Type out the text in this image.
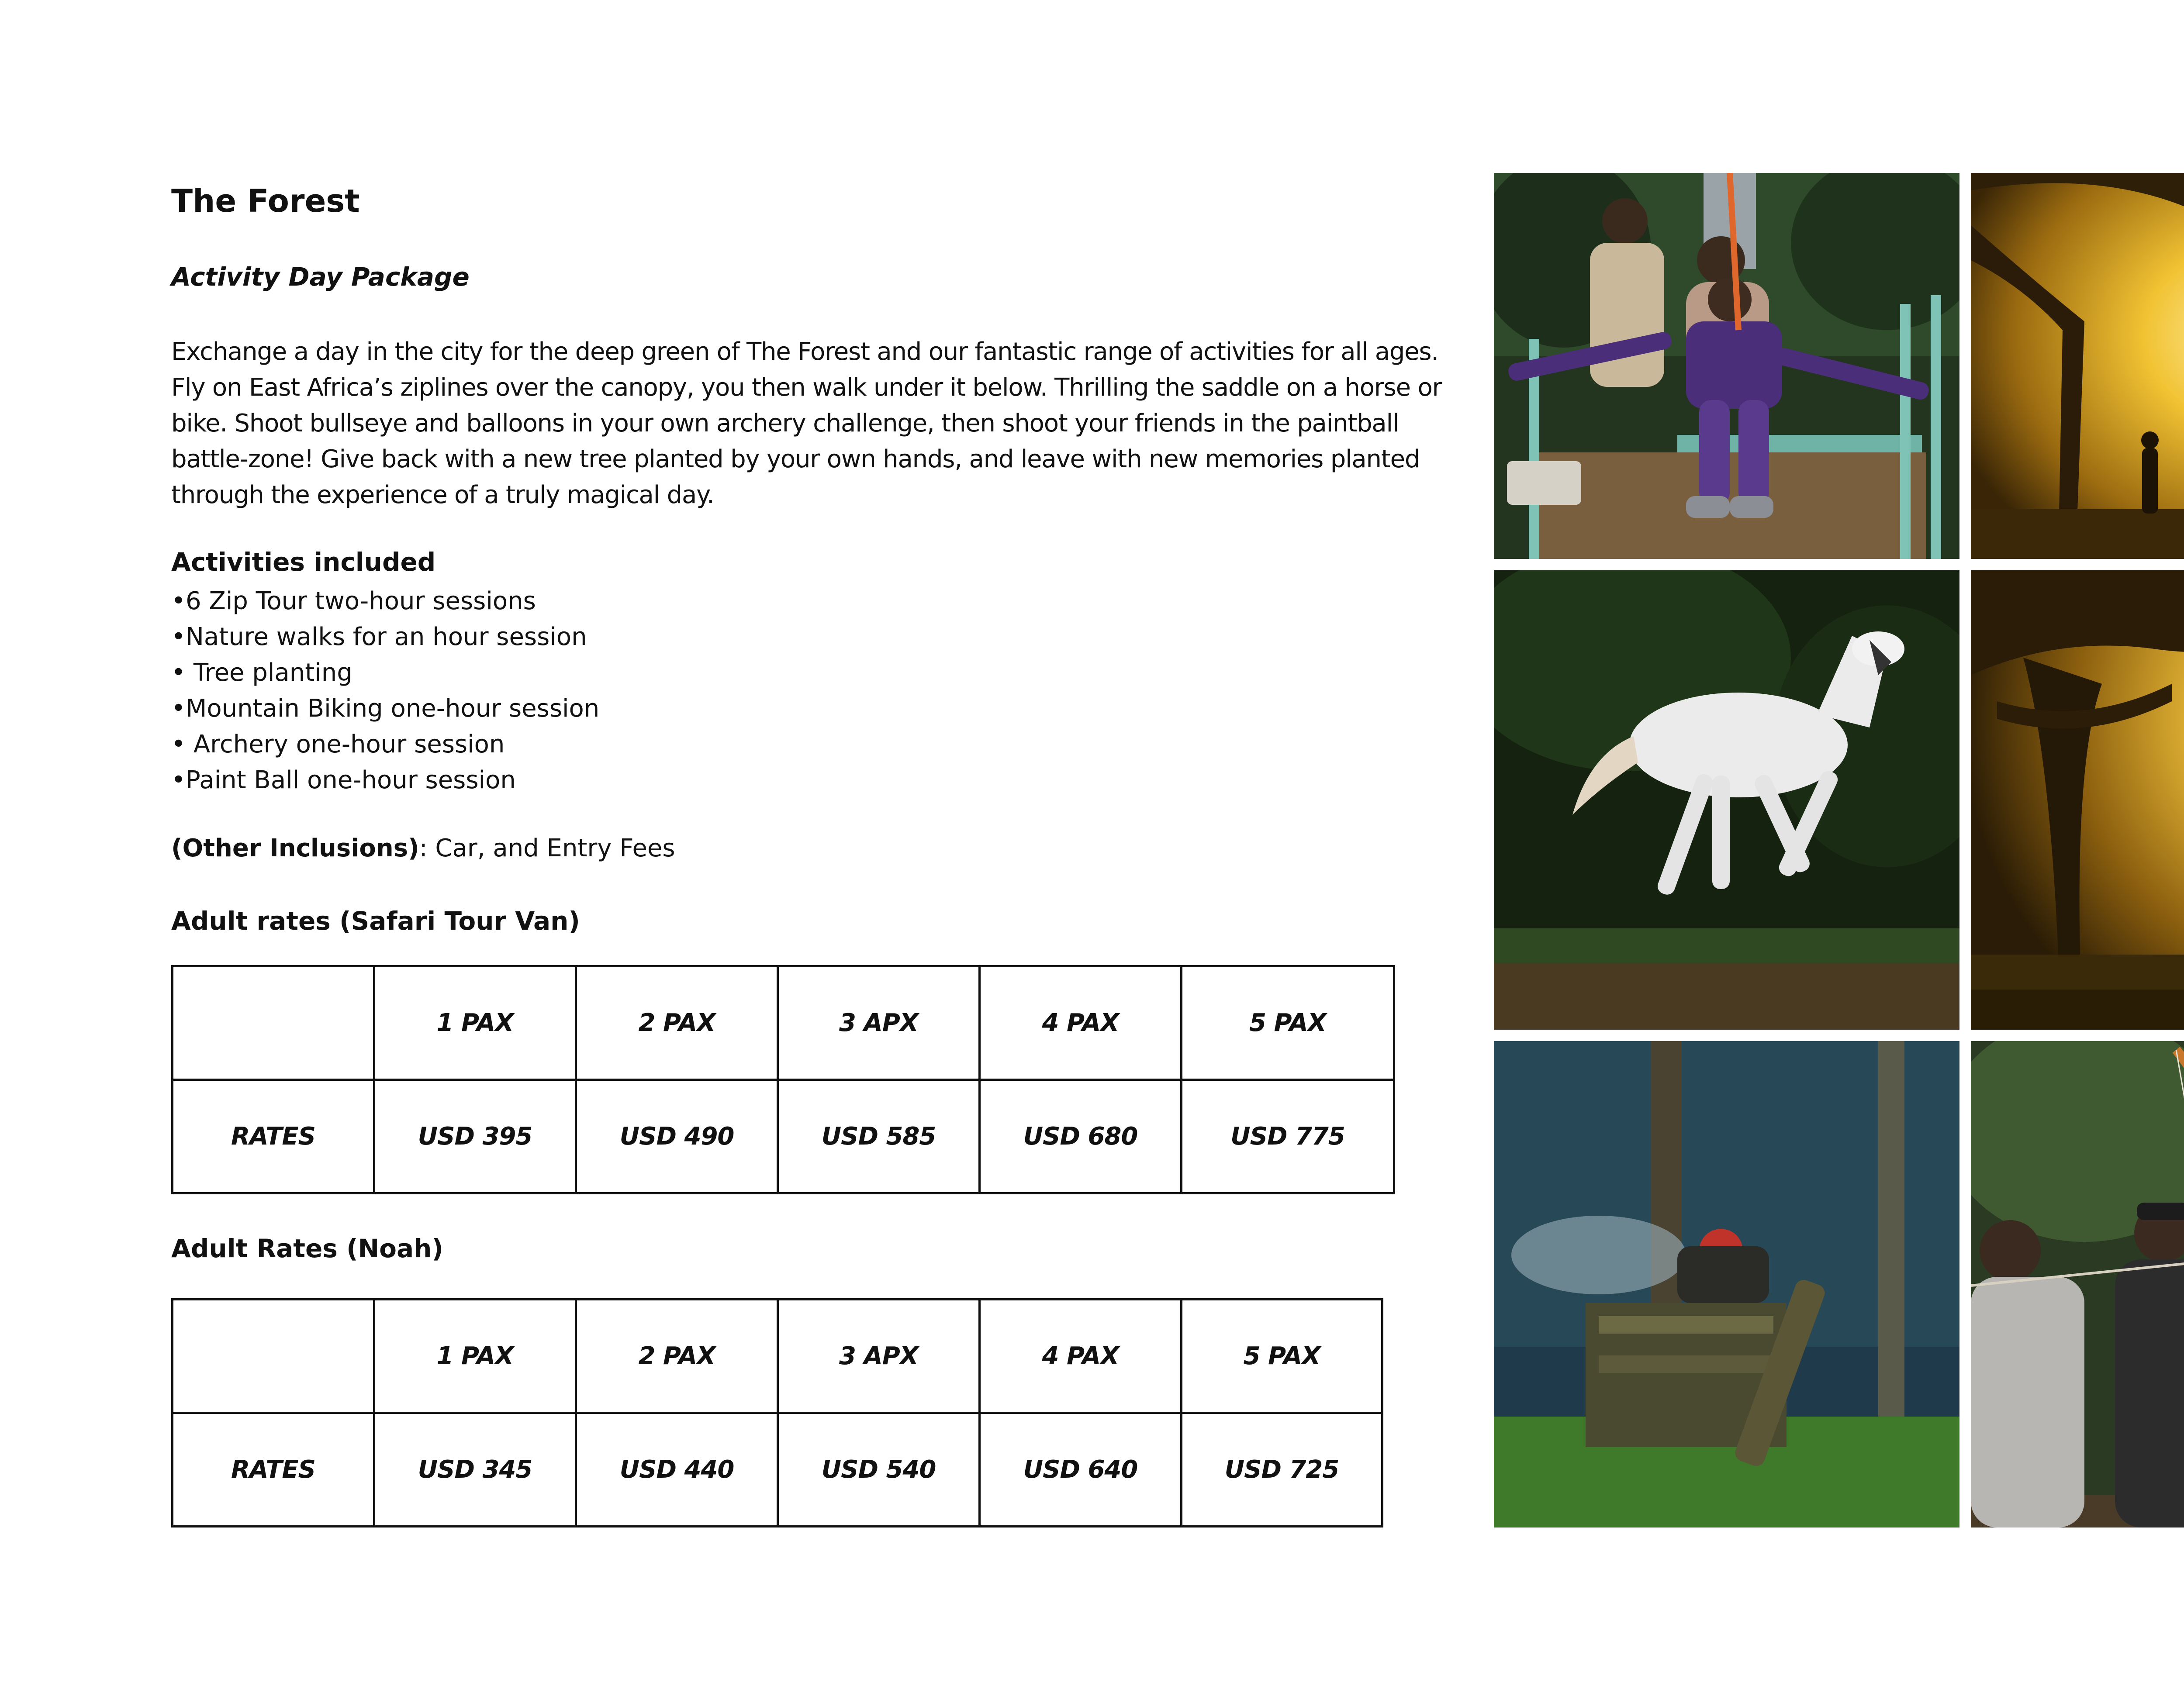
The Forest
Activity Day Package
Exchange a day in the city for the deep green of The Forest and our fantastic range of activities for all ages.
Fly on East Africa’s ziplines over the canopy, you then walk under it below. Thrilling the saddle on a horse or
bike. Shoot bullseye and balloons in your own archery challenge, then shoot your friends in the paintball
battle-zone! Give back with a new tree planted by your own hands, and leave with new memories planted
through the experience of a truly magical day.
Activities included
•6 Zip Tour two-hour sessions
•Nature walks for an hour session
• Tree planting
•Mountain Biking one-hour session
• Archery one-hour session
•Paint Ball one-hour session
(Other Inclusions): Car, and Entry Fees
Adult rates (Safari Tour Van)
	1 PAX	2 PAX	3 APX	4 PAX	5 PAX
RATES	USD 395	USD 490	USD 585	USD 680	USD 775
Adult Rates (Noah)
	1 PAX	2 PAX	3 APX	4 PAX	5 PAX
RATES	USD 345	USD 440	USD 540	USD 640	USD 725
